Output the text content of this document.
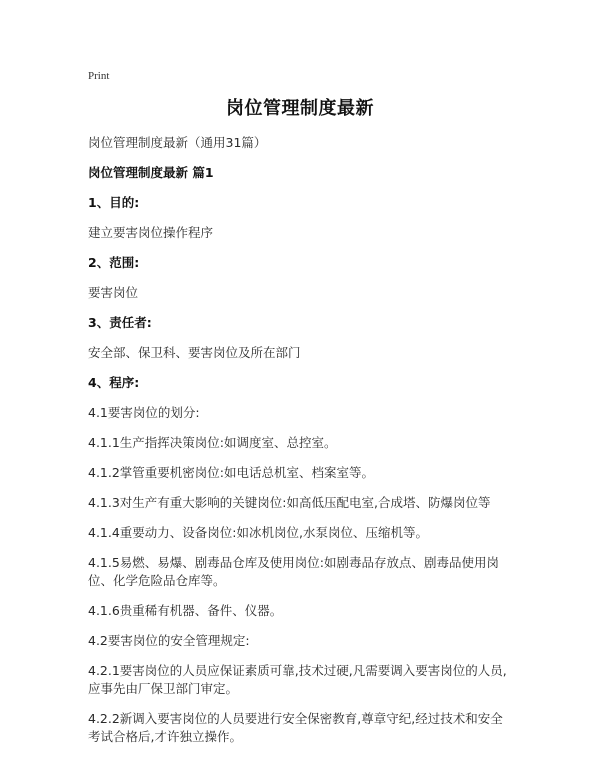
Print
岗位管理制度最新
岗位管理制度最新（通用31篇）
岗位管理制度最新 篇1
1、目的:
建立要害岗位操作程序
2、范围:
要害岗位
3、责任者:
安全部、保卫科、要害岗位及所在部门
4、程序:
4.1要害岗位的划分:
4.1.1生产指挥决策岗位:如调度室、总控室。
4.1.2掌管重要机密岗位:如电话总机室、档案室等。
4.1.3对生产有重大影响的关键岗位:如高低压配电室,合成塔、防爆岗位等
4.1.4重要动力、设备岗位:如冰机岗位,水泵岗位、压缩机等。
4.1.5易燃、易爆、剧毒品仓库及使用岗位:如剧毒品存放点、剧毒品使用岗位、化学危险品仓库等。
4.1.6贵重稀有机器、备件、仪器。
4.2要害岗位的安全管理规定:
4.2.1要害岗位的人员应保证素质可靠,技术过硬,凡需要调入要害岗位的人员,应事先由厂保卫部门审定。
4.2.2新调入要害岗位的人员要进行安全保密教育,尊章守纪,经过技术和安全考试合格后,才许独立操作。
